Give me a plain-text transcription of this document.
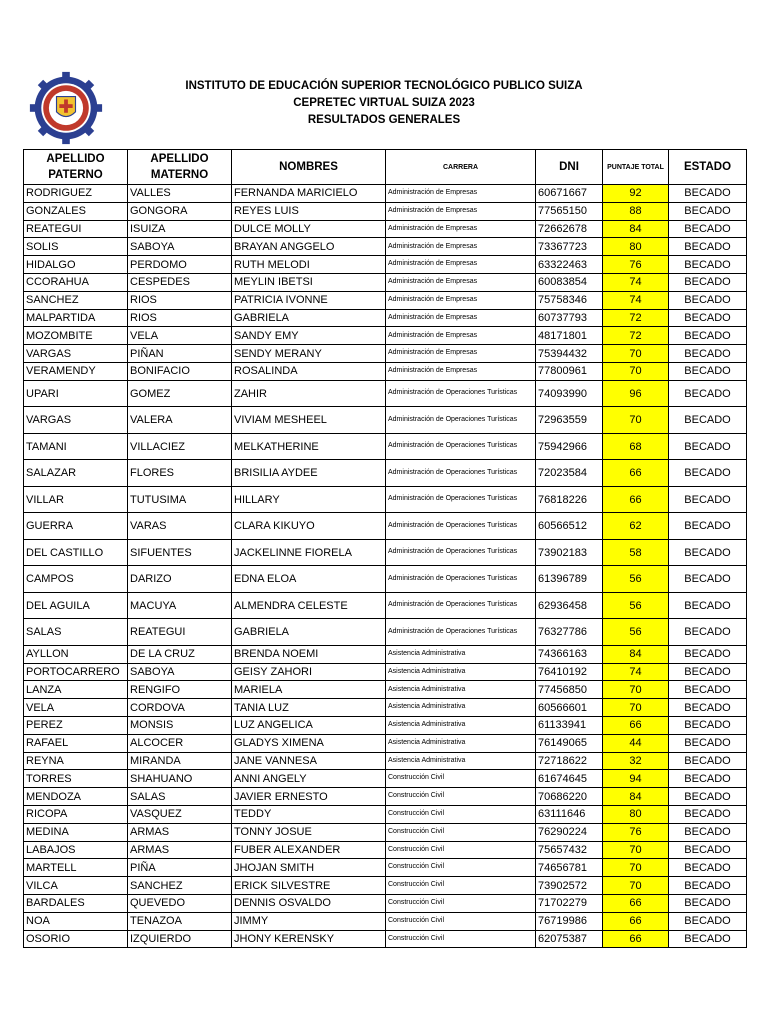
INSTITUTO DE EDUCACIÓN SUPERIOR TECNOLÓGICO PUBLICO SUIZA
CEPRETEC VIRTUAL SUIZA 2023
RESULTADOS GENERALES
APELLIDO PATERNO	APELLIDO MATERNO	NOMBRES	CARRERA	DNI	PUNTAJE TOTAL	ESTADO
RODRIGUEZ	VALLES	FERNANDA MARICIELO	Administración de Empresas	60671667	92	BECADO
GONZALES	GONGORA	REYES LUIS	Administración de Empresas	77565150	88	BECADO
REATEGUI	ISUIZA	DULCE MOLLY	Administración de Empresas	72662678	84	BECADO
SOLIS	SABOYA	BRAYAN ANGGELO	Administración de Empresas	73367723	80	BECADO
HIDALGO	PERDOMO	RUTH MELODI	Administración de Empresas	63322463	76	BECADO
CCORAHUA	CESPEDES	MEYLIN IBETSI	Administración de Empresas	60083854	74	BECADO
SANCHEZ	RIOS	PATRICIA IVONNE	Administración de Empresas	75758346	74	BECADO
MALPARTIDA	RIOS	GABRIELA	Administración de Empresas	60737793	72	BECADO
MOZOMBITE	VELA	SANDY EMY	Administración de Empresas	48171801	72	BECADO
VARGAS	PIÑAN	SENDY MERANY	Administración de Empresas	75394432	70	BECADO
VERAMENDY	BONIFACIO	ROSALINDA	Administración de Empresas	77800961	70	BECADO
UPARI	GOMEZ	ZAHIR	Administración de Operaciones Turísticas	74093990	96	BECADO
VARGAS	VALERA	VIVIAM MESHEEL	Administración de Operaciones Turísticas	72963559	70	BECADO
TAMANI	VILLACIEZ	MELKATHERINE	Administración de Operaciones Turísticas	75942966	68	BECADO
SALAZAR	FLORES	BRISILIA AYDEE	Administración de Operaciones Turísticas	72023584	66	BECADO
VILLAR	TUTUSIMA	HILLARY	Administración de Operaciones Turísticas	76818226	66	BECADO
GUERRA	VARAS	CLARA KIKUYO	Administración de Operaciones Turísticas	60566512	62	BECADO
DEL CASTILLO	SIFUENTES	JACKELINNE FIORELA	Administración de Operaciones Turísticas	73902183	58	BECADO
CAMPOS	DARIZO	EDNA ELOA	Administración de Operaciones Turísticas	61396789	56	BECADO
DEL AGUILA	MACUYA	ALMENDRA CELESTE	Administración de Operaciones Turísticas	62936458	56	BECADO
SALAS	REATEGUI	GABRIELA	Administración de Operaciones Turísticas	76327786	56	BECADO
AYLLON	DE LA CRUZ	BRENDA NOEMI	Asistencia Administrativa	74366163	84	BECADO
PORTOCARRERO	SABOYA	GEISY ZAHORI	Asistencia Administrativa	76410192	74	BECADO
LANZA	RENGIFO	MARIELA	Asistencia Administrativa	77456850	70	BECADO
VELA	CORDOVA	TANIA LUZ	Asistencia Administrativa	60566601	70	BECADO
PEREZ	MONSIS	LUZ ANGELICA	Asistencia Administrativa	61133941	66	BECADO
RAFAEL	ALCOCER	GLADYS XIMENA	Asistencia Administrativa	76149065	44	BECADO
REYNA	MIRANDA	JANE VANNESA	Asistencia Administrativa	72718622	32	BECADO
TORRES	SHAHUANO	ANNI ANGELY	Construcción Civil	61674645	94	BECADO
MENDOZA	SALAS	JAVIER ERNESTO	Construcción Civil	70686220	84	BECADO
RICOPA	VASQUEZ	TEDDY	Construcción Civil	63111646	80	BECADO
MEDINA	ARMAS	TONNY JOSUE	Construcción Civil	76290224	76	BECADO
LABAJOS	ARMAS	FUBER ALEXANDER	Construcción Civil	75657432	70	BECADO
MARTELL	PIÑA	JHOJAN SMITH	Construcción Civil	74656781	70	BECADO
VILCA	SANCHEZ	ERICK SILVESTRE	Construcción Civil	73902572	70	BECADO
BARDALES	QUEVEDO	DENNIS OSVALDO	Construcción Civil	71702279	66	BECADO
NOA	TENAZOA	JIMMY	Construcción Civil	76719986	66	BECADO
OSORIO	IZQUIERDO	JHONY KERENSKY	Construcción Civil	62075387	66	BECADO
